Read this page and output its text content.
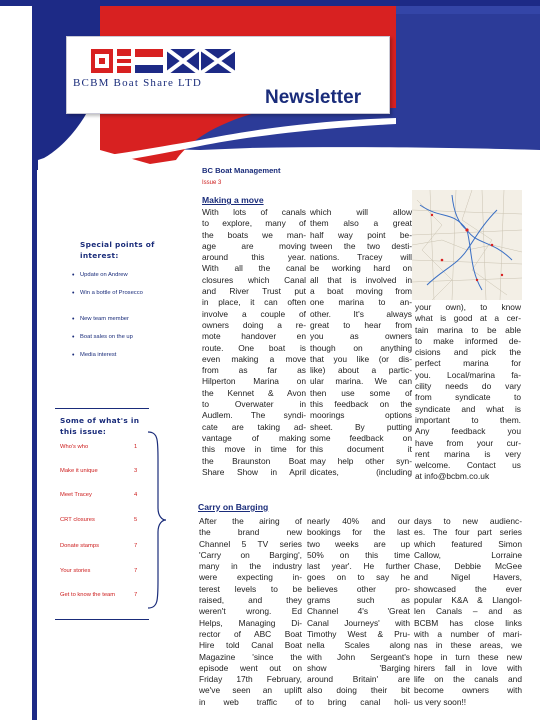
BCBM Boat Share LTD
Newsletter
BC Boat Management
Issue 3
Special points of interest:
• Update on Andrew
• Win a bottle of Prosecco
• New team member
• Boat sales on the up
• Media interest
Some of what's in this issue:
Who's who	1
Make it unique	3
Meet Tracey	4
CRT closures	5
Donate stamps	7
Your stories	7
Get to know the team	7
Making a move
With lots of canals
to explore, many of
the boats we man-
age are moving
around this year.
With all the canal
closures which Canal
and River Trust put
in place, it can often
involve a couple of
owners doing a re-
mote handover en
route. One boat is
even making a move
from as far as
Hilperton Marina on
the Kennet & Avon
to Overwater in
Audlem. The syndi-
cate are taking ad-
vantage of making
this move in time for
the Braunston Boat
Share Show in April
which will allow
them also a great
half way point be-
tween the two desti-
nations. Tracey will
be working hard on
all that is involved in
a boat moving from
one marina to an-
other. It's always
great to hear from
you as owners
though on anything
that you like (or dis-
like) about a partic-
ular marina. We can
then use some of
this feedback on the
moorings options
sheet. By putting
some feedback on
this document it
may help other syn-
dicates, (including
your own), to know
what is good at a cer-
tain marina to be able
to make informed de-
cisions and pick the
perfect marina for
you. Local/marina fa-
cility needs do vary
from syndicate to
syndicate and what is
important to them.
Any feedback you
have from your cur-
rent marina is very
welcome. Contact us
at info@bcbm.co.uk
Carry on Barging
After the airing of
the brand new
Channel 5 TV series
'Carry on Barging',
many in the industry
were expecting in-
terest levels to be
raised, and they
weren't wrong. Ed
Helps, Managing Di-
rector of ABC Boat
Hire told Canal Boat
Magazine 'since the
episode went out on
Friday 17th February,
we've seen an uplift
in web traffic of
nearly 40% and our
bookings for the last
two weeks are up
50% on this time
last year'. He further
goes on to say he
believes other pro-
grams such as
Channel 4's 'Great
Canal Journeys' with
Timothy West & Pru-
nella Scales along
with John Sergeant's
show 'Barging
around Britain' are
also doing their bit
to bring canal holi-
days to new audienc-
es. The four part series
which featured Simon
Callow, Lorraine
Chase, Debbie McGee
and Nigel Havers,
showcased the ever
popular K&A & Llangol-
len Canals – and as
BCBM has close links
with a number of mari-
nas in these areas, we
hope in turn these new
hirers fall in love with
life on the canals and
become owners with
us very soon!!
